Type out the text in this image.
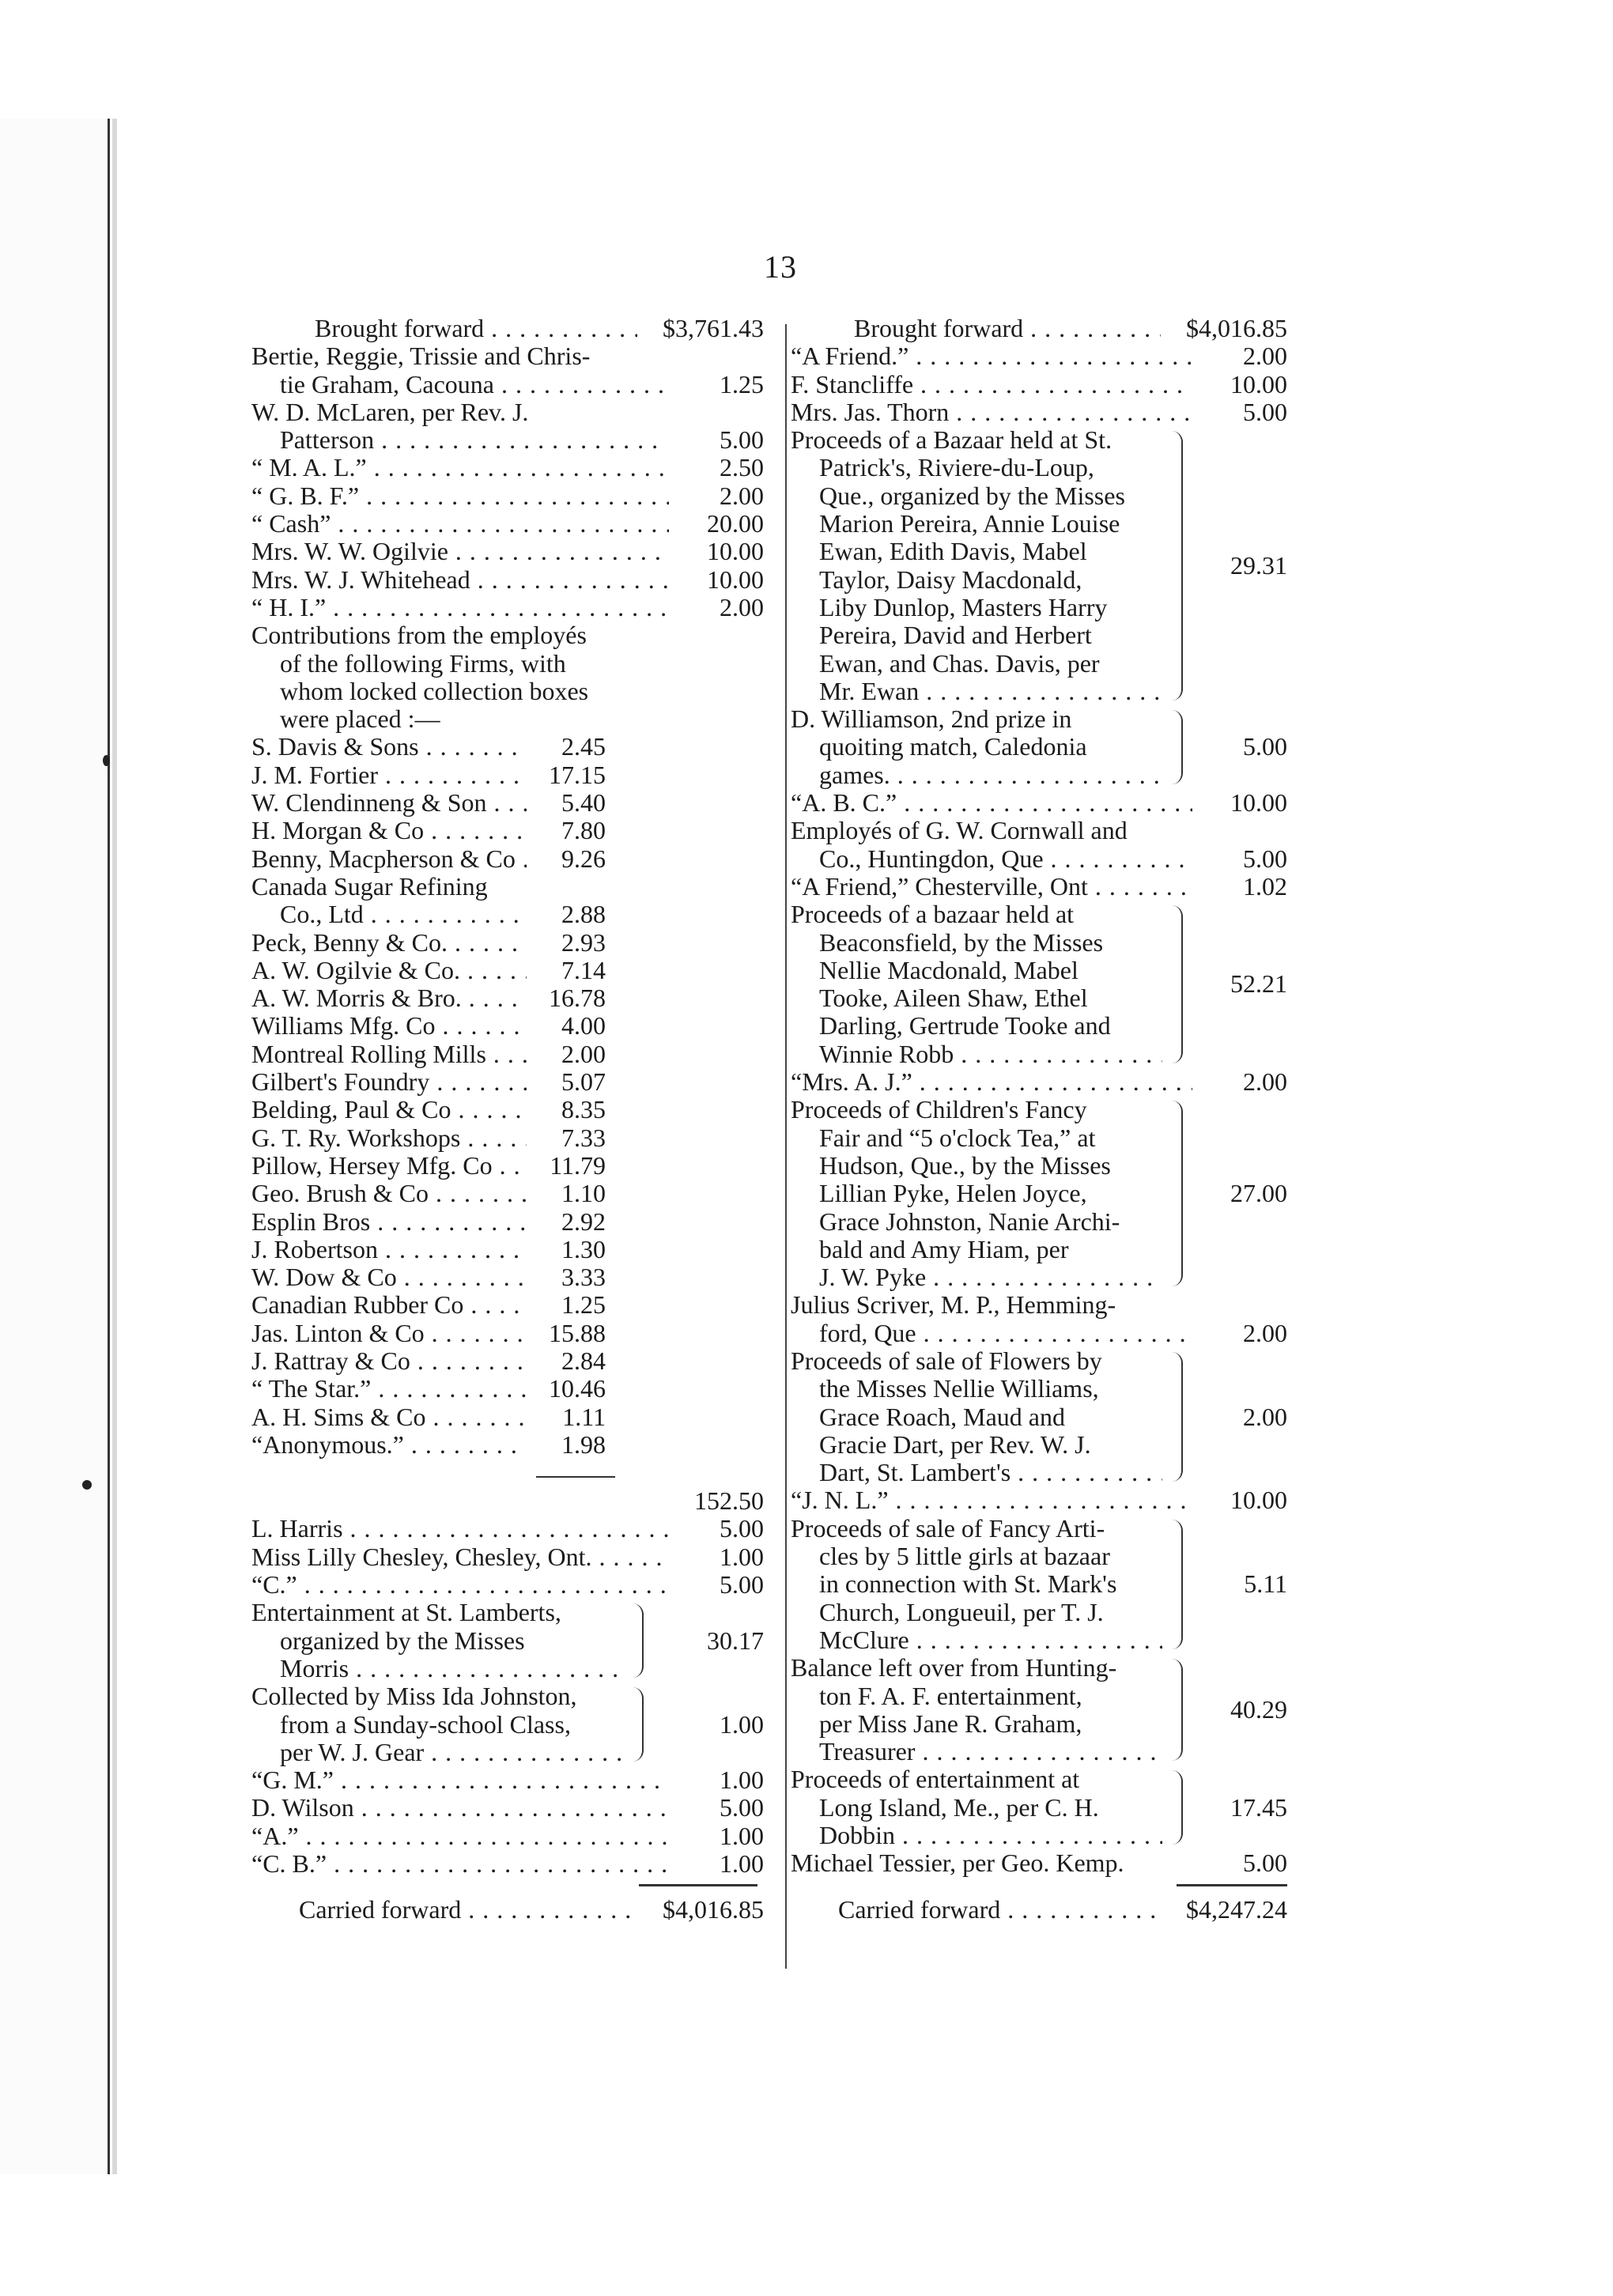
13
Brought forward . . .	$3,761.43
Bertie, Reggie, Trissie and Chris-
tie Graham, Cacouna . . .	1.25
W. D. McLaren, per Rev. J.
Patterson . . .	5.00
“ M. A. L.” . . .	2.50
“ G. B. F.” . . .	2.00
“ Cash” . . .	20.00
Mrs. W. W. Ogilvie . . .	10.00
Mrs. W. J. Whitehead . . .	10.00
“ H. I.” . . .	2.00
Contributions from the employés
of the following Firms, with
whom locked collection boxes
were placed :—
S. Davis & Sons . . .	2.45
J. M. Fortier . . .	17.15
W. Clendinneng & Son . . .	5.40
H. Morgan & Co . . .	7.80
Benny, Macpherson & Co . . .	9.26
Canada Sugar Refining
Co., Ltd . . .	2.88
Peck, Benny & Co. . . .	2.93
A. W. Ogilvie & Co. . . .	7.14
A. W. Morris & Bro. . . .	16.78
Williams Mfg. Co . . .	4.00
Montreal Rolling Mills . . .	2.00
Gilbert's Foundry . . .	5.07
Belding, Paul & Co . . .	8.35
G. T. Ry. Workshops . . .	7.33
Pillow, Hersey Mfg. Co . . .	11.79
Geo. Brush & Co . . .	1.10
Esplin Bros . . .	2.92
J. Robertson . . .	1.30
W. Dow & Co . . .	3.33
Canadian Rubber Co . . .	1.25
Jas. Linton & Co . . .	15.88
J. Rattray & Co . . .	2.84
“ The Star.” . . .	10.46
A. H. Sims & Co . . .	1.11
“Anonymous.” . . .	1.98
152.50
L. Harris . . .	5.00
Miss Lilly Chesley, Chesley, Ont. . . .	1.00
“C.” . . .	5.00
Entertainment at St. Lamberts,
organized by the Misses
Morris . . .
30.17
Collected by Miss Ida Johnston,
from a Sunday-school Class,
per W. J. Gear . . .
1.00
“G. M.” . . .	1.00
D. Wilson . . .	5.00
“A.” . . .	1.00
“C. B.” . . .	1.00
Carried forward . . .	$4,016.85
Brought forward . . .	$4,016.85
“A Friend.” . . .	2.00
F. Stancliffe . . .	10.00
Mrs. Jas. Thorn . . .	5.00
Proceeds of a Bazaar held at St.
Patrick's, Riviere-du-Loup,
Que., organized by the Misses
Marion Pereira, Annie Louise
Ewan, Edith Davis, Mabel
Taylor, Daisy Macdonald,
Liby Dunlop, Masters Harry
Pereira, David and Herbert
Ewan, and Chas. Davis, per
Mr. Ewan . . .
29.31
D. Williamson, 2nd prize in
quoiting match, Caledonia
games. . . .
5.00
“A. B. C.” . . .	10.00
Employés of G. W. Cornwall and
Co., Huntingdon, Que . . .	5.00
“A Friend,” Chesterville, Ont . . .	1.02
Proceeds of a bazaar held at
Beaconsfield, by the Misses
Nellie Macdonald, Mabel
Tooke, Aileen Shaw, Ethel
Darling, Gertrude Tooke and
Winnie Robb . . .
52.21
“Mrs. A. J.” . . .	2.00
Proceeds of Children's Fancy
Fair and “5 o'clock Tea,” at
Hudson, Que., by the Misses
Lillian Pyke, Helen Joyce,
Grace Johnston, Nanie Archi-
bald and Amy Hiam, per
J. W. Pyke . . .
27.00
Julius Scriver, M. P., Hemming-
ford, Que . . .	2.00
Proceeds of sale of Flowers by
the Misses Nellie Williams,
Grace Roach, Maud and
Gracie Dart, per Rev. W. J.
Dart, St. Lambert's . . .
2.00
“J. N. L.” . . .	10.00
Proceeds of sale of Fancy Arti-
cles by 5 little girls at bazaar
in connection with St. Mark's
Church, Longueuil, per T. J.
McClure . . .
5.11
Balance left over from Hunting-
ton F. A. F. entertainment,
per Miss Jane R. Graham,
Treasurer . . .
40.29
Proceeds of entertainment at
Long Island, Me., per C. H.
Dobbin . . .
17.45
Michael Tessier, per Geo. Kemp.	5.00
Carried forward . . .	$4,247.24
